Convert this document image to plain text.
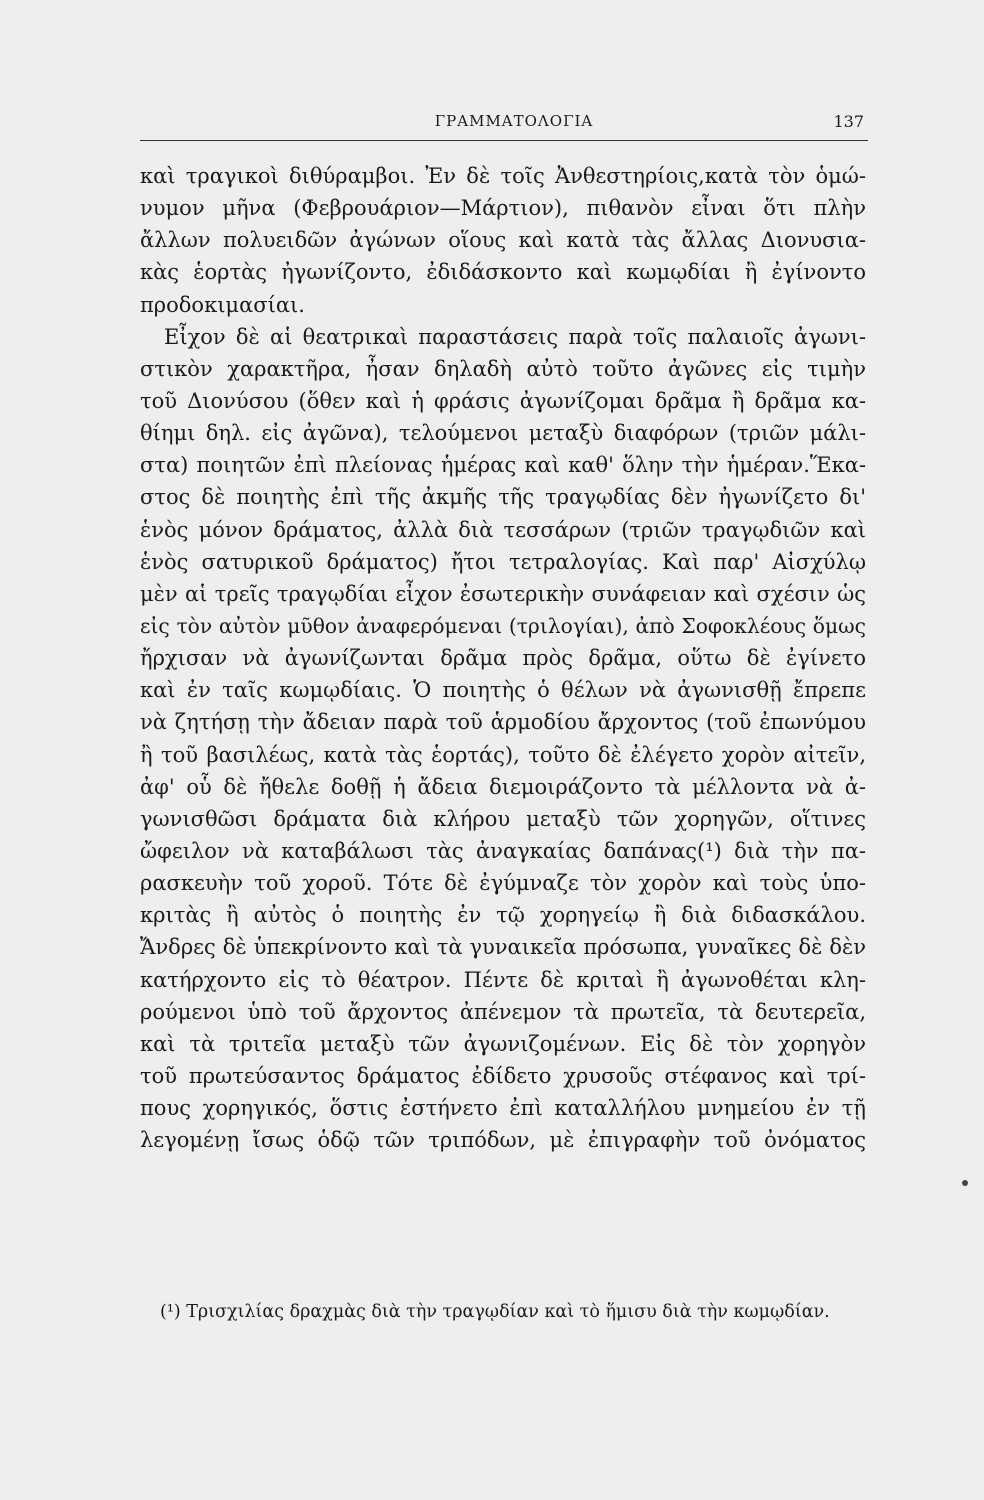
ΓΡΑΜΜΑΤΟΛΟΓΙΑ	137
καὶ τραγικοὶ διθύραμβοι. Ἐν δὲ τοῖς Ἀνθεστηρίοις,κατὰ τὸν ὁμώ-
νυμον μῆνα (Φεβρουάριον—Μάρτιον), πιθανὸν εἶναι ὅτι πλὴν
ἄλλων πολυειδῶν ἀγώνων οἵους καὶ κατὰ τὰς ἄλλας Διονυσια-
κὰς ἑορτὰς ἠγωνίζοντο, ἐδιδάσκοντο καὶ κωμῳδίαι ἢ ἐγίνοντο
προδοκιμασίαι.
Εἶχον δὲ αἱ θεατρικαὶ παραστάσεις παρὰ τοῖς παλαιοῖς ἀγωνι-
στικὸν χαρακτῆρα, ἦσαν δηλαδὴ αὐτὸ τοῦτο ἀγῶνες εἰς τιμὴν
τοῦ Διονύσου (ὅθεν καὶ ἡ φράσις ἀγωνίζομαι δρᾶμα ἢ δρᾶμα κα-
θίημι δηλ. εἰς ἀγῶνα), τελούμενοι μεταξὺ διαφόρων (τριῶν μάλι-
στα) ποιητῶν ἐπὶ πλείονας ἡμέρας καὶ καθ' ὅλην τὴν ἡμέραν.Ἕκα-
στος δὲ ποιητὴς ἐπὶ τῆς ἀκμῆς τῆς τραγῳδίας δὲν ἠγωνίζετο δι'
ἑνὸς μόνον δράματος, ἀλλὰ διὰ τεσσάρων (τριῶν τραγῳδιῶν καὶ
ἑνὸς σατυρικοῦ δράματος) ἤτοι τετραλογίας. Καὶ παρ' Αἰσχύλῳ
μὲν αἱ τρεῖς τραγῳδίαι εἶχον ἐσωτερικὴν συνάφειαν καὶ σχέσιν ὡς
εἰς τὸν αὐτὸν μῦθον ἀναφερόμεναι (τριλογίαι), ἀπὸ Σοφοκλέους ὅμως
ἤρχισαν νὰ ἀγωνίζωνται δρᾶμα πρὸς δρᾶμα, οὕτω δὲ ἐγίνετο
καὶ ἐν ταῖς κωμῳδίαις. Ὁ ποιητὴς ὁ θέλων νὰ ἀγωνισθῇ ἔπρεπε
νὰ ζητήσῃ τὴν ἄδειαν παρὰ τοῦ ἁρμοδίου ἄρχοντος (τοῦ ἐπωνύμου
ἢ τοῦ βασιλέως, κατὰ τὰς ἑορτάς), τοῦτο δὲ ἐλέγετο χορὸν αἰτεῖν,
ἀφ' οὗ δὲ ἤθελε δοθῇ ἡ ἄδεια διεμοιράζοντο τὰ μέλλοντα νὰ ἀ-
γωνισθῶσι δράματα διὰ κλήρου μεταξὺ τῶν χορηγῶν, οἵτινες
ὤφειλον νὰ καταβάλωσι τὰς ἀναγκαίας δαπάνας(¹) διὰ τὴν πα-
ρασκευὴν τοῦ χοροῦ. Τότε δὲ ἐγύμναζε τὸν χορὸν καὶ τοὺς ὑπο-
κριτὰς ἢ αὐτὸς ὁ ποιητὴς ἐν τῷ χορηγείῳ ἢ διὰ διδασκάλου.
Ἄνδρες δὲ ὑπεκρίνοντο καὶ τὰ γυναικεῖα πρόσωπα, γυναῖκες δὲ δὲν
κατήρχοντο εἰς τὸ θέατρον. Πέντε δὲ κριταὶ ἢ ἀγωνοθέται κλη-
ρούμενοι ὑπὸ τοῦ ἄρχοντος ἀπένεμον τὰ πρωτεῖα, τὰ δευτερεῖα,
καὶ τὰ τριτεῖα μεταξὺ τῶν ἀγωνιζομένων. Εἰς δὲ τὸν χορηγὸν
τοῦ πρωτεύσαντος δράματος ἐδίδετο χρυσοῦς στέφανος καὶ τρί-
πους χορηγικός, ὅστις ἐστήνετο ἐπὶ καταλλήλου μνημείου ἐν τῇ
λεγομένῃ ἴσως ὁδῷ τῶν τριπόδων, μὲ ἐπιγραφὴν τοῦ ὀνόματος
(¹) Τρισχιλίας δραχμὰς διὰ τὴν τραγῳδίαν καὶ τὸ ἥμισυ διὰ τὴν κωμῳδίαν.
